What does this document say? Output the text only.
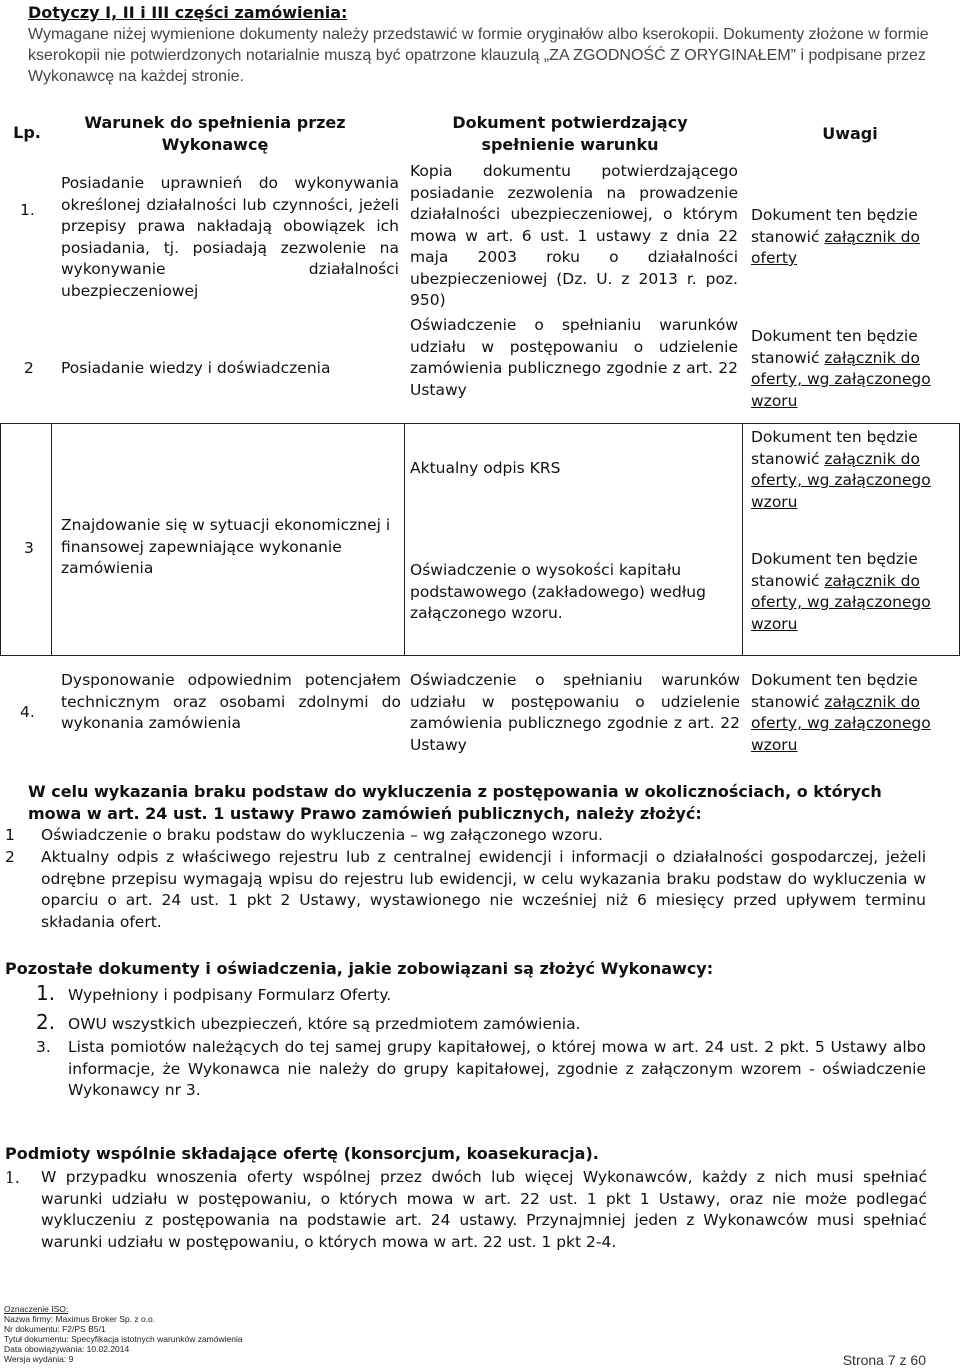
Dotyczy I, II i III części zamówienia:
Wymagane niżej wymienione dokumenty należy przedstawić w formie oryginałów albo kserokopii. Dokumenty złożone w formie kserokopii nie potwierdzonych notarialnie muszą być opatrzone klauzulą „ZA ZGODNOŚĆ Z ORYGINAŁEM” i podpisane przez Wykonawcę na każdej stronie.
Lp.
Warunek do spełnienia przez Wykonawcę
Dokument potwierdzający spełnienie warunku
Uwagi
1.
Posiadanie uprawnień do wykonywania określonej działalności lub czynności, jeżeli przepisy prawa nakładają obowiązek ich posiadania, tj. posiadają zezwolenie na wykonywanie działalności ubezpieczeniowej
Kopia dokumentu potwierdzającego posiadanie zezwolenia na prowadzenie działalności ubezpieczeniowej, o którym mowa w art. 6 ust. 1 ustawy z dnia 22 maja 2003 roku o działalności ubezpieczeniowej (Dz. U. z 2013 r. poz. 950)
Dokument ten będzie stanowić załącznik do oferty
2 Posiadanie wiedzy i doświadczenia
Oświadczenie o spełnianiu warunków udziału w postępowaniu o udzielenie zamówienia publicznego zgodnie z art. 22 Ustawy
Dokument ten będzie stanowić załącznik do oferty, wg załączonego wzoru
3
Znajdowanie się w sytuacji ekonomicznej i finansowej zapewniające wykonanie zamówienia
Aktualny odpis KRS
Oświadczenie o wysokości kapitału podstawowego (zakładowego) według załączonego wzoru.
Dokument ten będzie stanowić załącznik do oferty, wg załączonego wzoru
Dokument ten będzie stanowić załącznik do oferty, wg załączonego wzoru
4.
Dysponowanie odpowiednim potencjałem technicznym oraz osobami zdolnymi do wykonania zamówienia
Oświadczenie o spełnianiu warunków udziału w postępowaniu o udzielenie zamówienia publicznego zgodnie z art. 22 Ustawy
Dokument ten będzie stanowić załącznik do oferty, wg załączonego wzoru
W celu wykazania braku podstaw do wykluczenia z postępowania w okolicznościach, o których mowa w art. 24 ust. 1 ustawy Prawo zamówień publicznych, należy złożyć:
1 Oświadczenie o braku podstaw do wykluczenia – wg załączonego wzoru.
2 Aktualny odpis z właściwego rejestru lub z centralnej ewidencji i informacji o działalności gospodarczej, jeżeli odrębne przepisu wymagają wpisu do rejestru lub ewidencji, w celu wykazania braku podstaw do wykluczenia w oparciu o art. 24 ust. 1 pkt 2 Ustawy, wystawionego nie wcześniej niż 6 miesięcy przed upływem terminu składania ofert.
Pozostałe dokumenty i oświadczenia, jakie zobowiązani są złożyć Wykonawcy:
1. Wypełniony i podpisany Formularz Oferty.
2. OWU wszystkich ubezpieczeń, które są przedmiotem zamówienia.
3. Lista pomiotów należących do tej samej grupy kapitałowej, o której mowa w art. 24 ust. 2 pkt. 5 Ustawy albo informacje, że Wykonawca nie należy do grupy kapitałowej, zgodnie z załączonym wzorem - oświadczenie Wykonawcy nr 3.
Podmioty wspólnie składające ofertę (konsorcjum, koasekuracja).
1. W przypadku wnoszenia oferty wspólnej przez dwóch lub więcej Wykonawców, każdy z nich musi spełniać warunki udziału w postępowaniu, o których mowa w art. 22 ust. 1 pkt 1 Ustawy, oraz nie może podlegać wykluczeniu z postępowania na podstawie art. 24 ustawy. Przynajmniej jeden z Wykonawców musi spełniać warunki udziału w postępowaniu, o których mowa w art. 22 ust. 1 pkt 2-4.
Oznaczenie ISO:
Nazwa firmy: Maximus Broker Sp. z o.o.
Nr dokumentu: F2/PS B5/1
Tytuł dokumentu: Specyfikacja istotnych warunków zamówienia
Data obowiązywania: 10.02.2014
Wersja wydania: 9	Strona 7 z 60
